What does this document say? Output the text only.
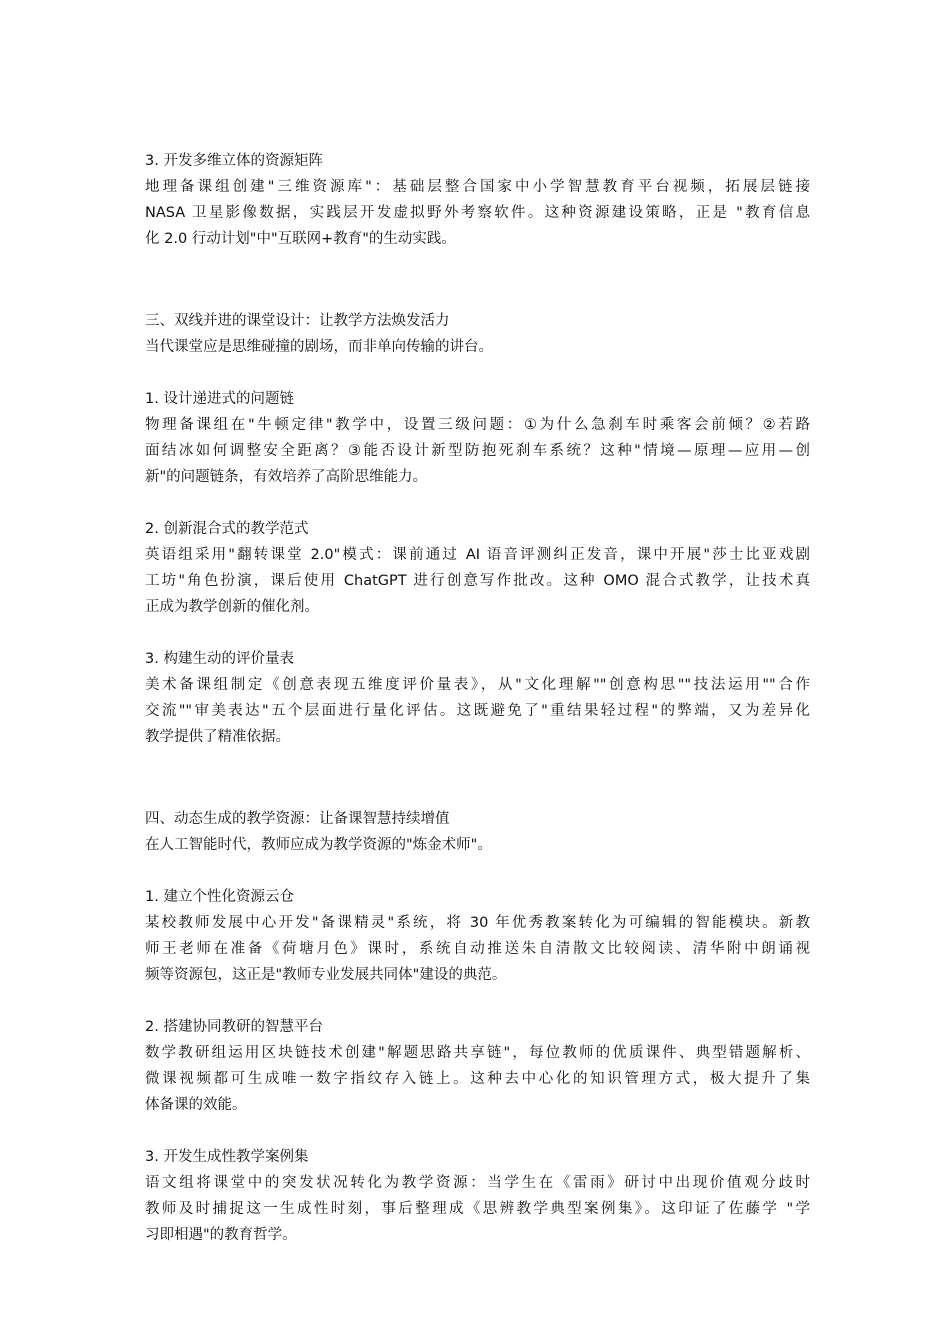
3. 开发多维立体的资源矩阵
地理备课组创建"三维资源库"：基础层整合国家中小学智慧教育平台视频，拓展层链接
NASA 卫星影像数据，实践层开发虚拟野外考察软件。这种资源建设策略，正是 "教育信息
化 2.0 行动计划"中"互联网+教育"的生动实践。
三、双线并进的课堂设计：让教学方法焕发活力
当代课堂应是思维碰撞的剧场，而非单向传输的讲台。
1. 设计递进式的问题链
物理备课组在"牛顿定律"教学中，设置三级问题：①为什么急刹车时乘客会前倾？②若路
面结冰如何调整安全距离？③能否设计新型防抱死刹车系统？这种"情境—原理—应用—创
新"的问题链条，有效培养了高阶思维能力。
2. 创新混合式的教学范式
英语组采用"翻转课堂 2.0"模式：课前通过 AI 语音评测纠正发音，课中开展"莎士比亚戏剧
工坊"角色扮演，课后使用 ChatGPT 进行创意写作批改。这种 OMO 混合式教学，让技术真
正成为教学创新的催化剂。
3. 构建生动的评价量表
美术备课组制定《创意表现五维度评价量表》，从"文化理解""创意构思""技法运用""合作
交流""审美表达"五个层面进行量化评估。这既避免了"重结果轻过程"的弊端，又为差异化
教学提供了精准依据。
四、动态生成的教学资源：让备课智慧持续增值
在人工智能时代，教师应成为教学资源的"炼金术师"。
1. 建立个性化资源云仓
某校教师发展中心开发"备课精灵"系统，将 30 年优秀教案转化为可编辑的智能模块。新教
师王老师在准备《荷塘月色》课时，系统自动推送朱自清散文比较阅读、清华附中朗诵视
频等资源包，这正是"教师专业发展共同体"建设的典范。
2. 搭建协同教研的智慧平台
数学教研组运用区块链技术创建"解题思路共享链"，每位教师的优质课件、典型错题解析、
微课视频都可生成唯一数字指纹存入链上。这种去中心化的知识管理方式，极大提升了集
体备课的效能。
3. 开发生成性教学案例集
语文组将课堂中的突发状况转化为教学资源：当学生在《雷雨》研讨中出现价值观分歧时
教师及时捕捉这一生成性时刻，事后整理成《思辨教学典型案例集》。这印证了佐藤学 "学
习即相遇"的教育哲学。
